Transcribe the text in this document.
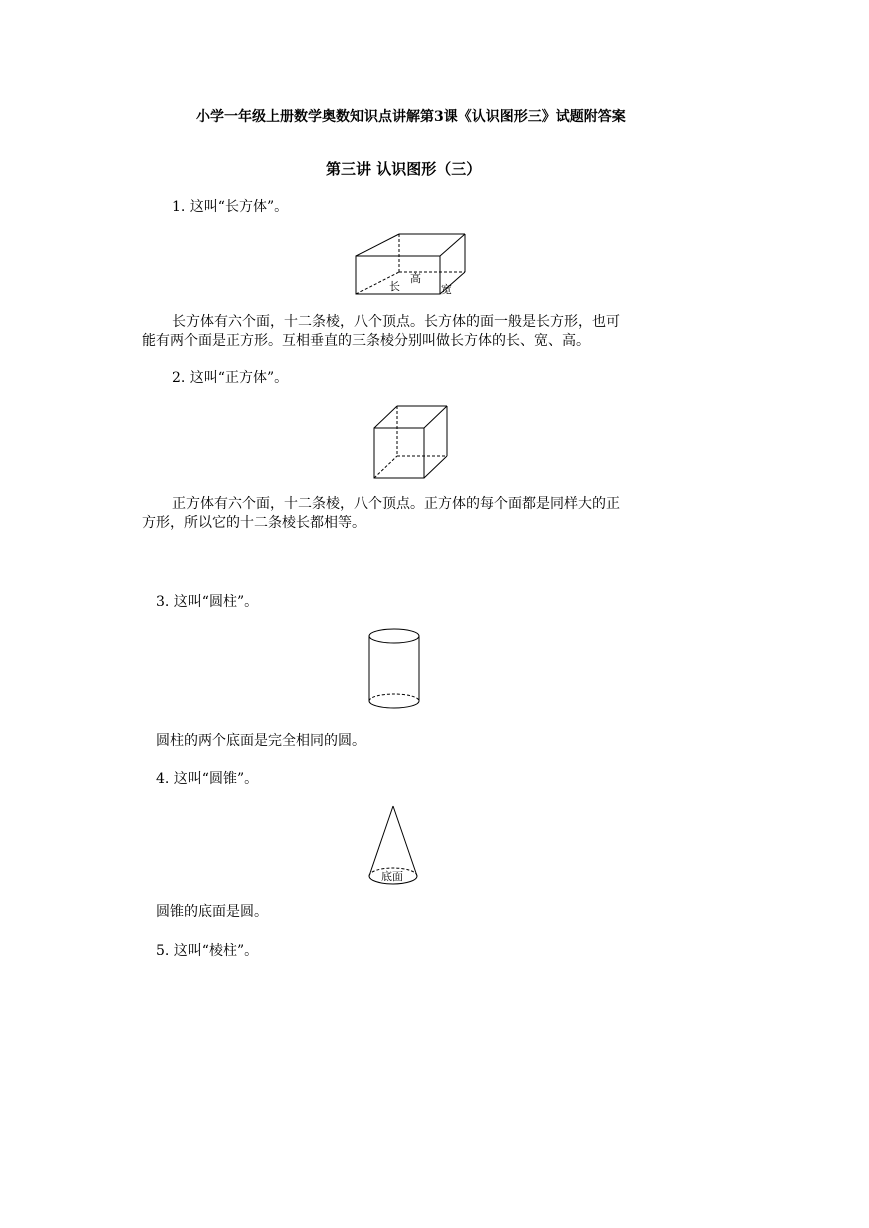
小学一年级上册数学奥数知识点讲解第3课《认识图形三》试题附答案
第三讲 认识图形（三）
1. 这叫“长方体”。
高
长	宽
长方体有六个面，十二条棱，八个顶点。长方体的面一般是长方形，也可
能有两个面是正方形。互相垂直的三条棱分别叫做长方体的长、宽、高。
2. 这叫“正方体”。
正方体有六个面，十二条棱，八个顶点。正方体的每个面都是同样大的正
方形，所以它的十二条棱长都相等。
3. 这叫“圆柱”。
圆柱的两个底面是完全相同的圆。
4. 这叫“圆锥”。
底面
圆锥的底面是圆。
5. 这叫“棱柱”。
